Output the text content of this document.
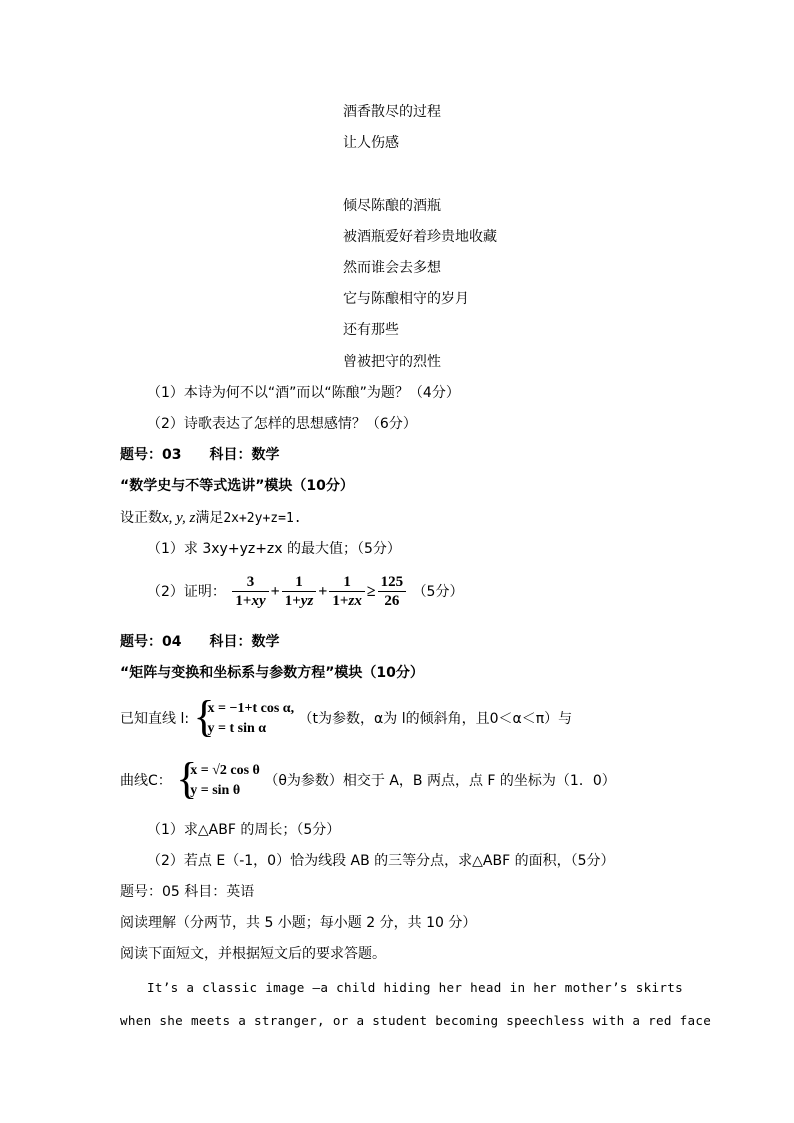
酒香散尽的过程
让人伤感
倾尽陈酿的酒瓶
被酒瓶爱好着珍贵地收藏
然而谁会去多想
它与陈酿相守的岁月
还有那些
曾被把守的烈性
（1）本诗为何不以“酒”而以“陈酿”为题？（4分）
（2）诗歌表达了怎样的思想感情？（6分）
题号：03 科目：数学
“数学史与不等式选讲”模块（10分）
设正数x, y, z满足2x+2y+z=1.
（1）求 3xy+yz+zx 的最大值；（5分）
（2）证明： $\frac{3}{1+xy} + \frac{1}{1+yz} + \frac{1}{1+zx} \ge \frac{125}{26} (5$分）
题号：04 科目：数学
“矩阵与变换和坐标系与参数方程”模块（10分）
已知直线 l: {
x = −1+t cos α,
y = t sin α
（t为参数，α为 l的倾斜角，且0＜α＜π）与
曲线C： {
x = √2 cos θ
y = sin θ
（θ为参数）相交于 A，B 两点，点 F 的坐标为（1．0）
（1）求△ABF 的周长；（5分）
（2）若点 E（-1，0）恰为线段 AB 的三等分点，求△ABF 的面积，（5分）
题号：05 科目：英语
阅读理解（分两节，共 5 小题；每小题 2 分，共 10 分）
阅读下面短文，并根据短文后的要求答题。
It’s a classic image –a child hiding her head in her mother’s skirts
when she meets a stranger, or a student becoming speechless with a red face
